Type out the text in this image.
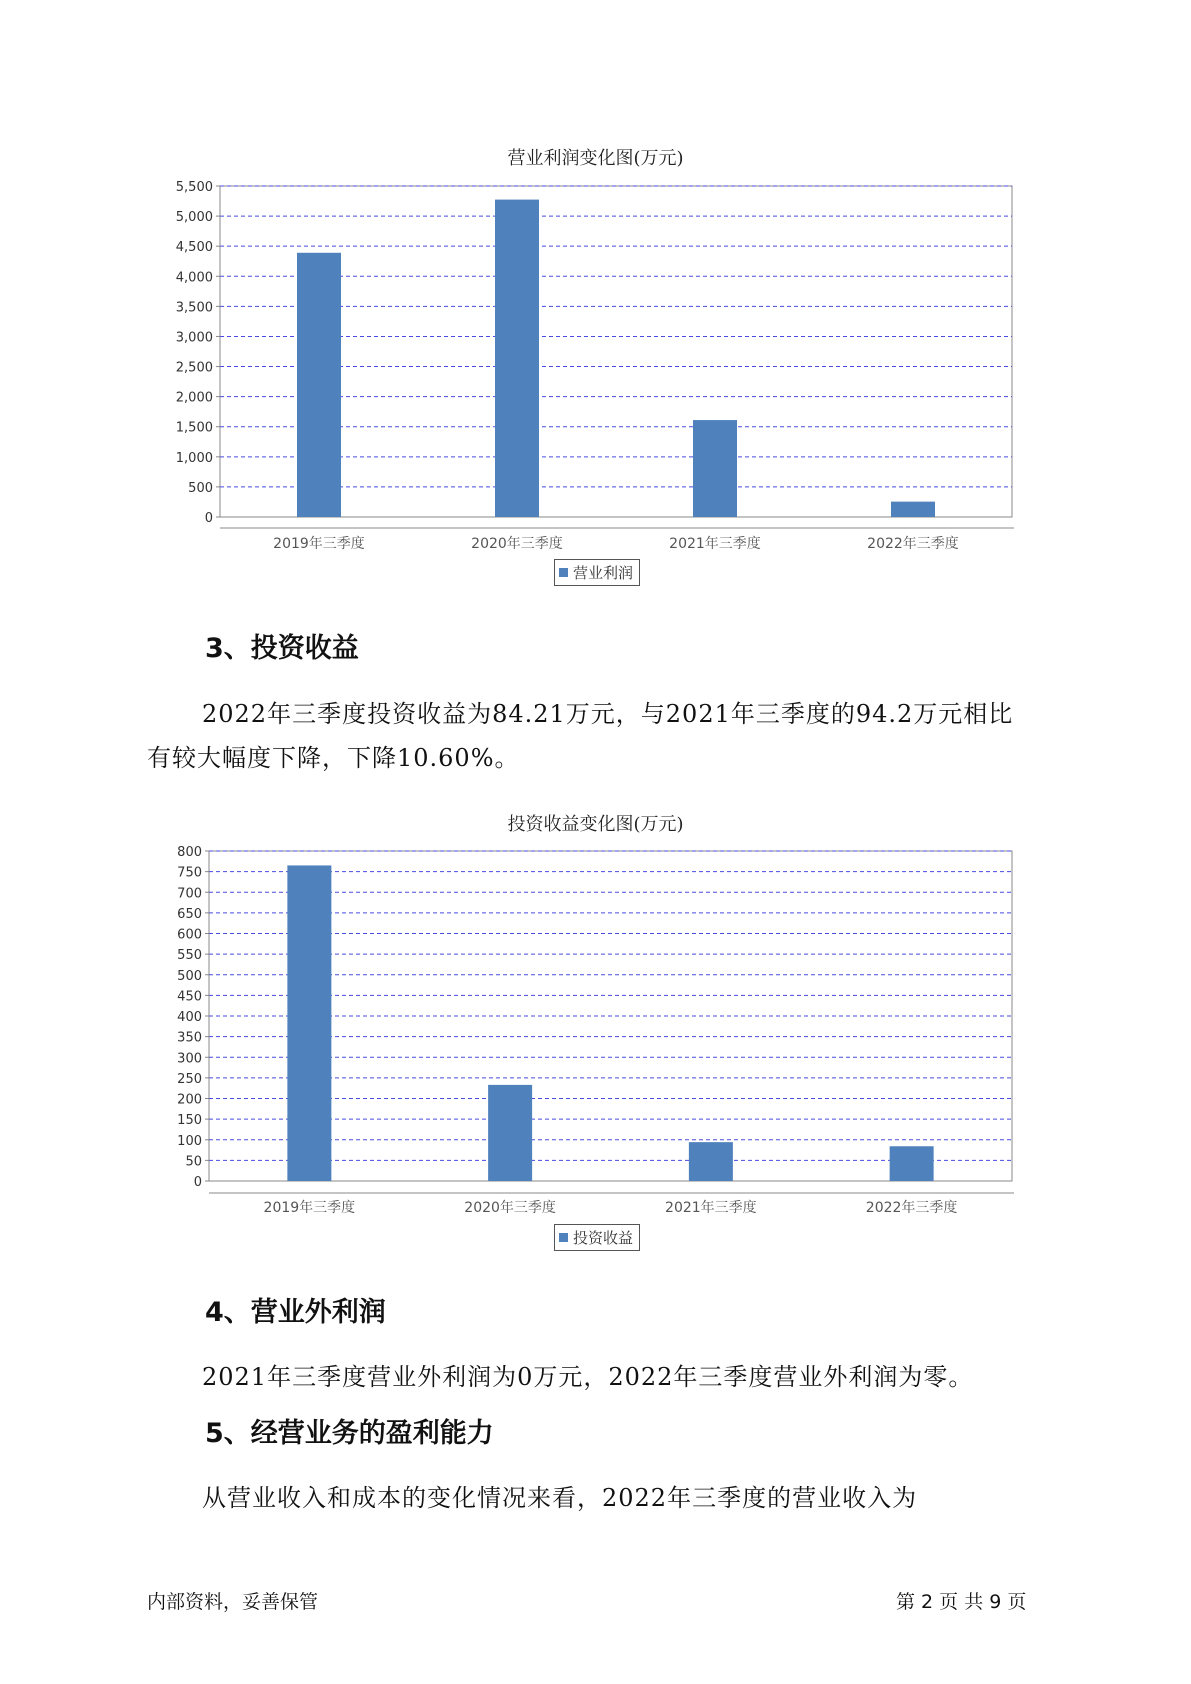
营业利润变化图(万元)
0
500
1,000
1,500
2,000
2,500
3,000
3,500
4,000
4,500
5,000
5,500
2019年三季度	2020年三季度	2021年三季度	2022年三季度
营业利润
3、投资收益
2022年三季度投资收益为84.21万元，与2021年三季度的94.2万元相比
有较大幅度下降，下降10.60%。
投资收益变化图(万元)
0
50
100
150
200
250
300
350
400
450
500
550
600
650
700
750
800
2019年三季度	2020年三季度	2021年三季度	2022年三季度
投资收益
4、营业外利润
2021年三季度营业外利润为0万元，2022年三季度营业外利润为零。
5、经营业务的盈利能力
从营业收入和成本的变化情况来看，2022年三季度的营业收入为
内部资料，妥善保管	第 2 页 共 9 页
